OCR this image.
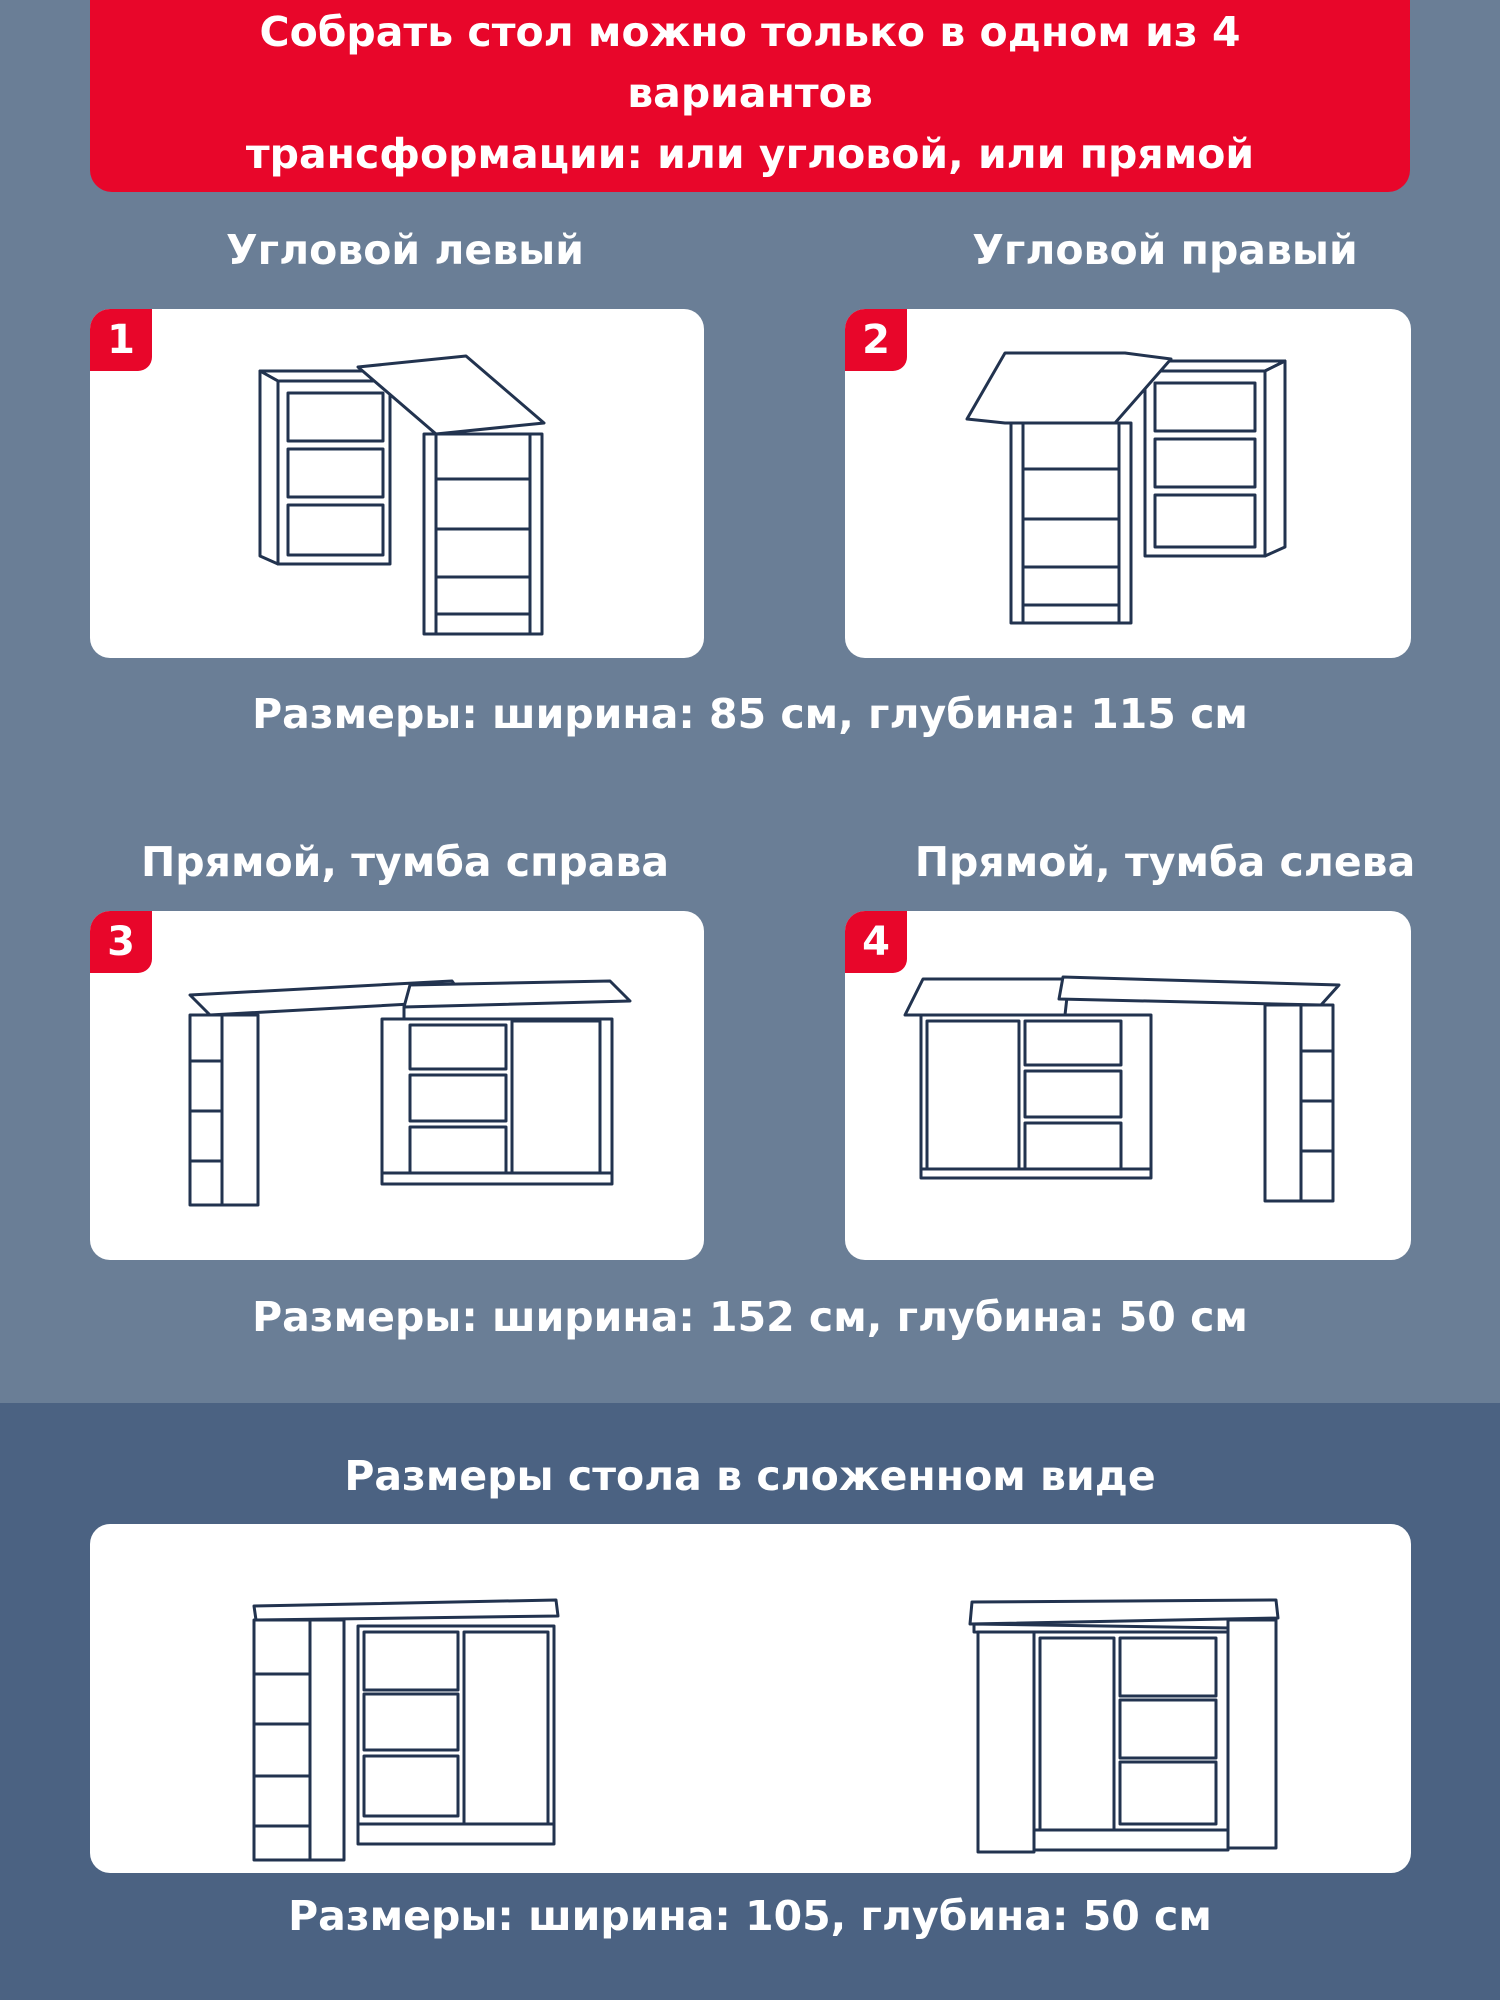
Собрать стол можно только в одном из 4 вариантов
трансформации: или угловой, или прямой
Угловой левый	Угловой правый
1	2
Размеры: ширина: 85 см, глубина: 115 см
Прямой, тумба справа	Прямой, тумба слева
3	4
Размеры: ширина: 152 см, глубина: 50 см
Размеры стола в сложенном виде
Размеры: ширина: 105, глубина: 50 см
